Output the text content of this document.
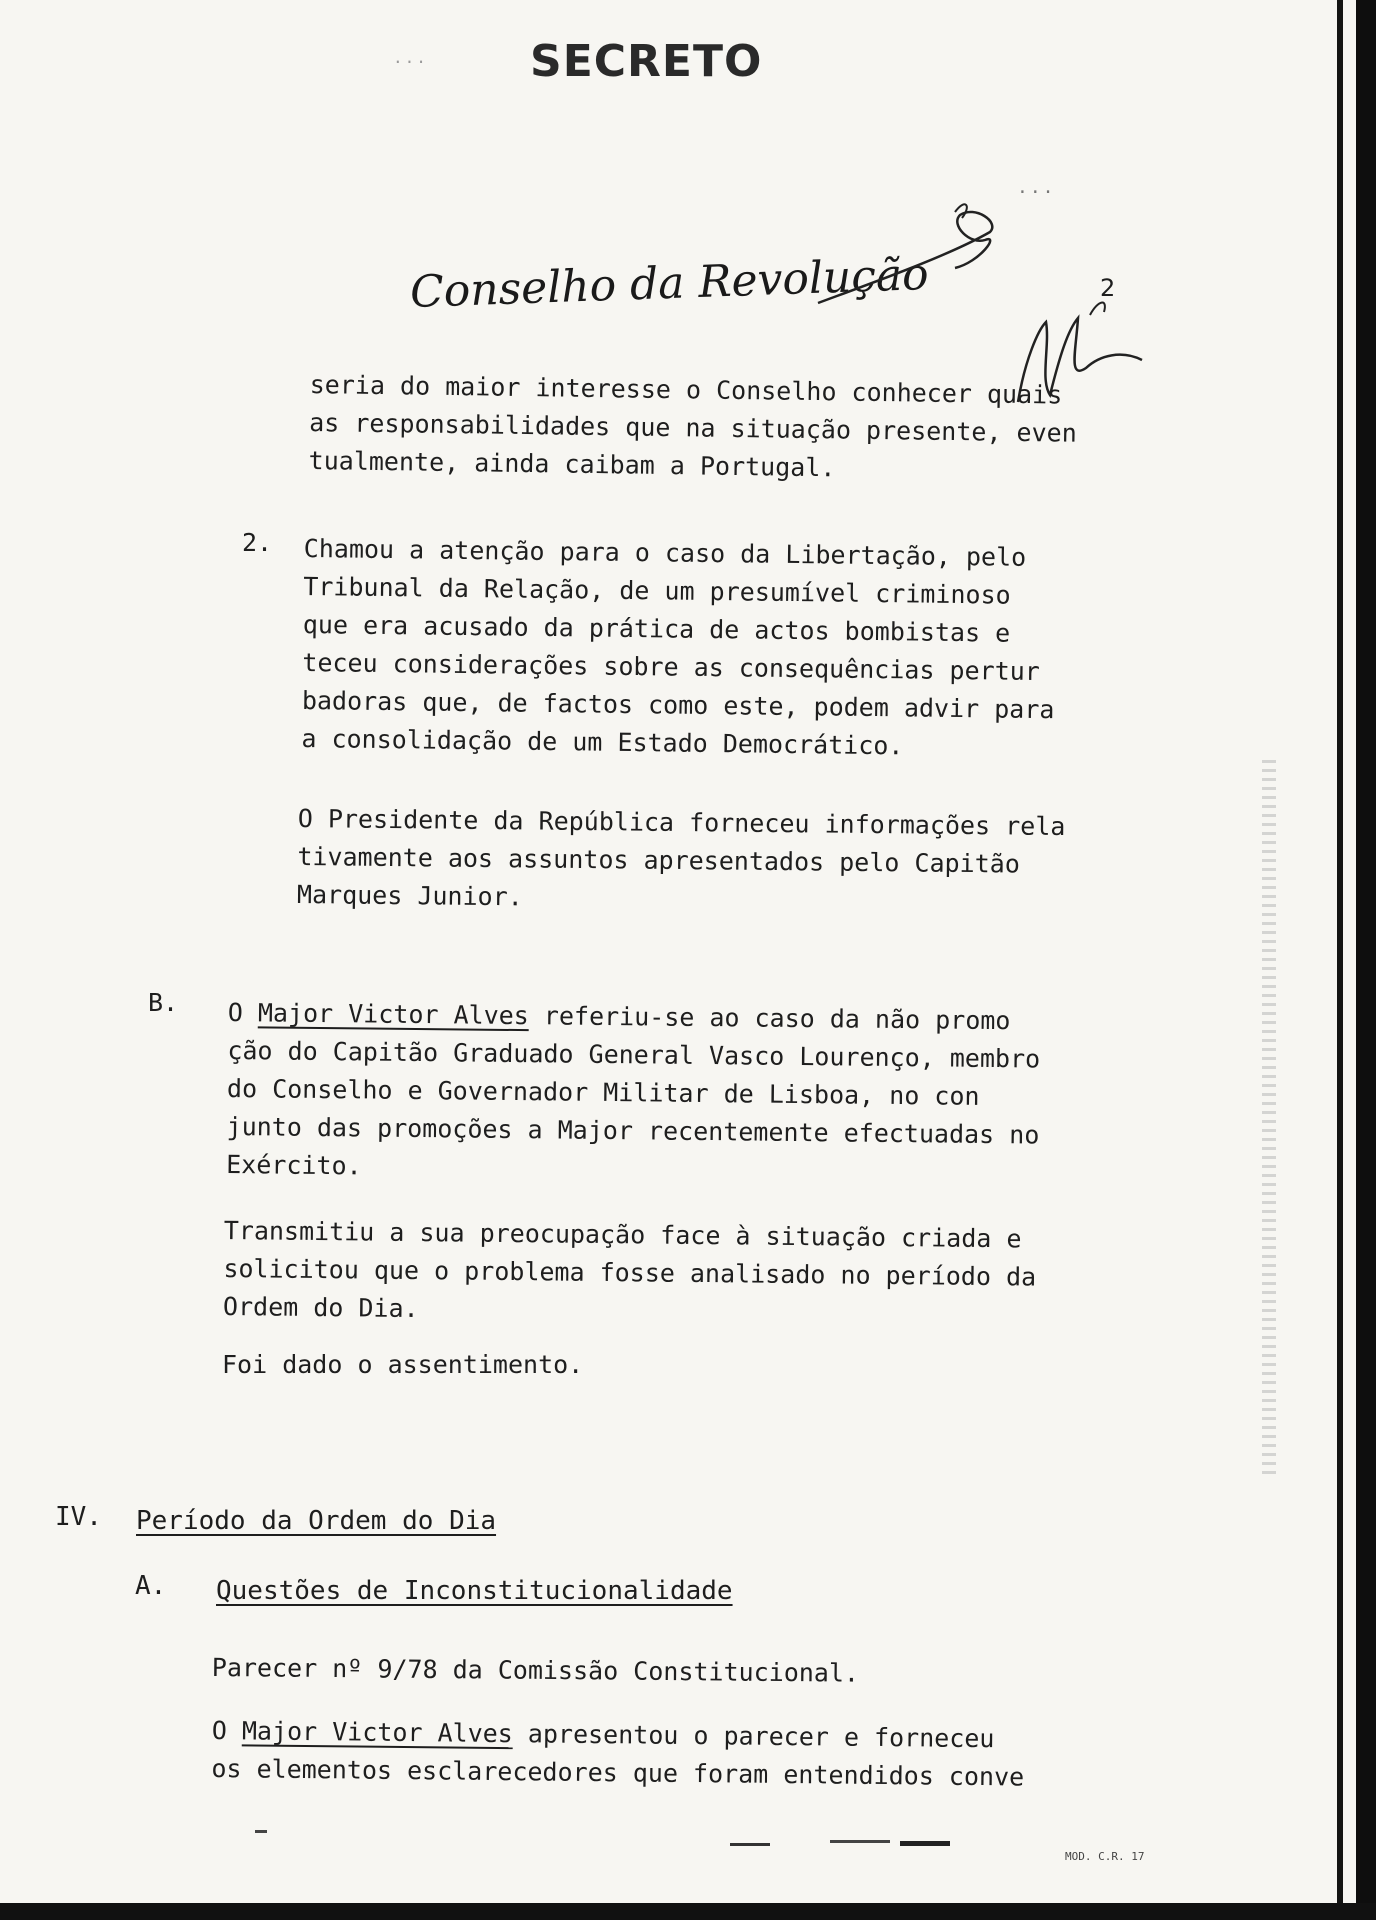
... SECRETO
...
Conselho da Revolução	2
seria do maior interesse o Conselho conhecer quais
as responsabilidades que na situação presente, even
tualmente, ainda caibam a Portugal.
2. Chamou a atenção para o caso da Libertação, pelo
Tribunal da Relação, de um presumível criminoso
que era acusado da prática de actos bombistas e
teceu considerações sobre as consequências pertur
badoras que, de factos como este, podem advir para
a consolidação de um Estado Democrático.
O Presidente da República forneceu informações rela
tivamente aos assuntos apresentados pelo Capitão
Marques Junior.
B. O Major Victor Alves referiu-se ao caso da não promo
ção do Capitão Graduado General Vasco Lourenço, membro
do Conselho e Governador Militar de Lisboa, no con
junto das promoções a Major recentemente efectuadas no
Exército.
Transmitiu a sua preocupação face à situação criada e
solicitou que o problema fosse analisado no período da
Ordem do Dia.
Foi dado o assentimento.
IV. Período da Ordem do Dia
A. Questões de Inconstitucionalidade
Parecer nº 9/78 da Comissão Constitucional.
O Major Victor Alves apresentou o parecer e forneceu
os elementos esclarecedores que foram entendidos conve
MOD. C.R. 17
